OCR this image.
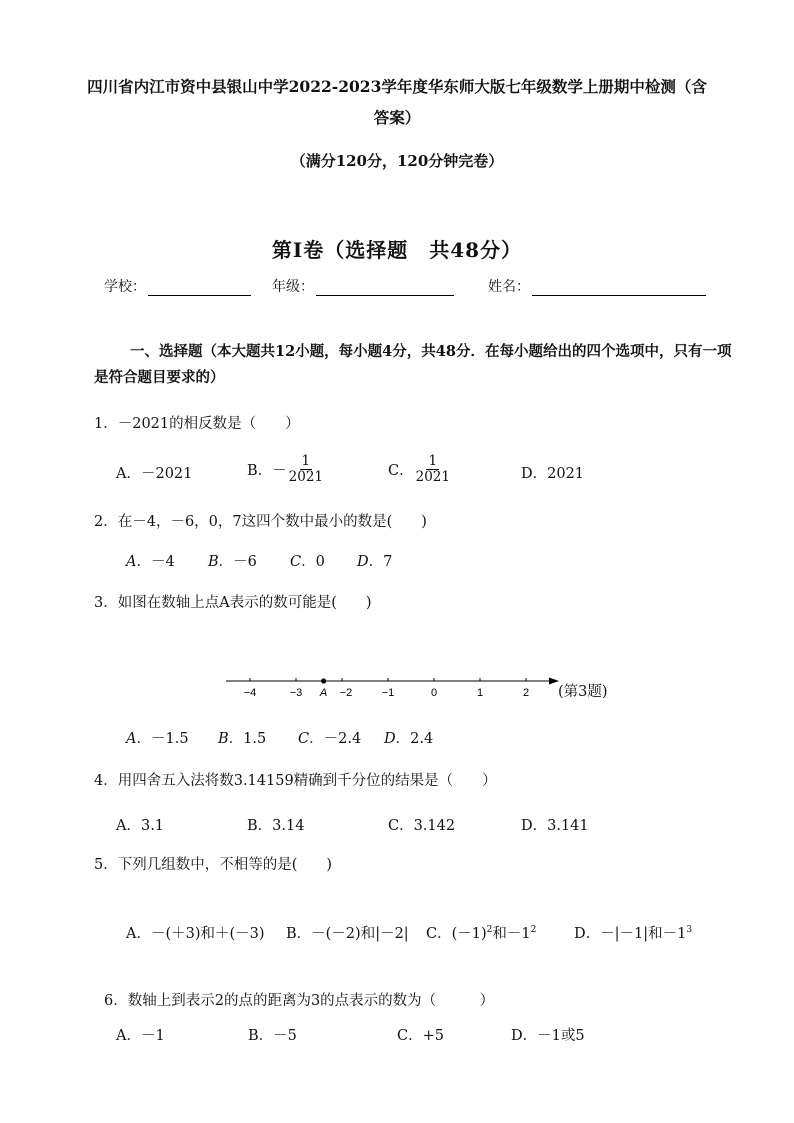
四川省内江市资中县银山中学2022-2023学年度华东师大版七年级数学上册期中检测（含
答案）
（满分120分，120分钟完卷）
第Ⅰ卷（选择题　共48分）
学校：	年级：	姓名：
一、选择题（本大题共12小题，每小题4分，共48分．在每小题给出的四个选项中，只有一项
是符合题目要求的）
1．－2021的相反数是（　　）
A．－2021	B．－ $\frac{1}{2021}$	C． $\frac{1}{2021}$	D．2021
2．在－4，－6，0，7这四个数中最小的数是(　　)
A．－4 B．－6 C．0 D．7
3．如图在数轴上点A表示的数可能是(　　)
−4	−3	−2	−1	0	1	2
A	(第3题)
A．－1.5 B．1.5 C．－2.4 D．2.4
4．用四舍五入法将数3.14159精确到千分位的结果是（　　）
A．3.1	B．3.14	C．3.142	D．3.141
5．下列几组数中，不相等的是(　　)
A．－(＋3)和＋(－3) B．－(－2)和|－2| C．$(-1)^2$和$-1^2$	D．－|－1|和$-1^3$
6．数轴上到表示2的点的距离为3的点表示的数为（　　　）
A．－1	B．－5	C．+5	D．－1或5
